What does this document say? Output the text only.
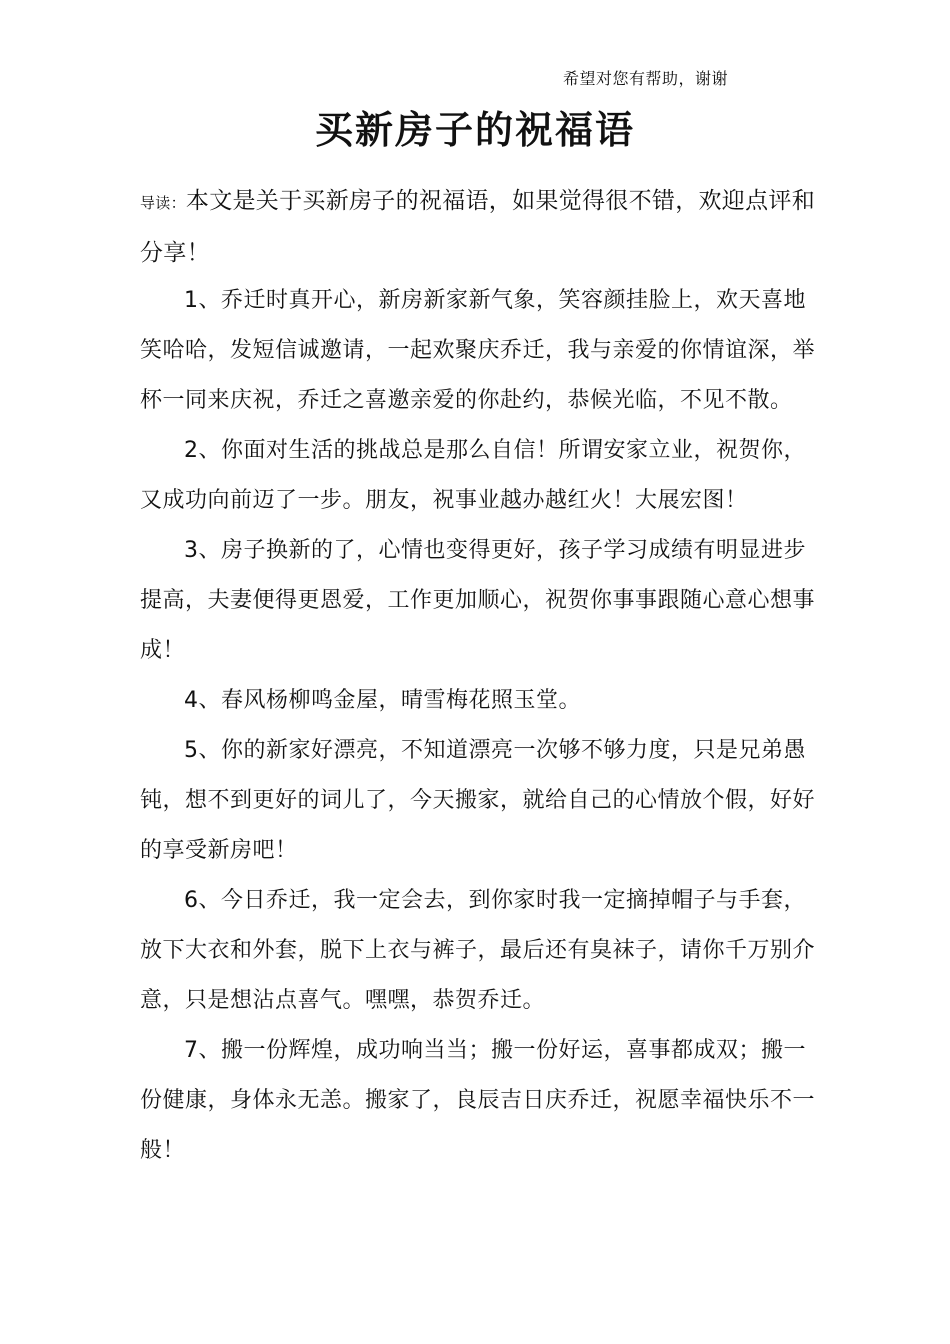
希望对您有帮助，谢谢
买新房子的祝福语
导读：本文是关于买新房子的祝福语，如果觉得很不错，欢迎点评和分享！

1、乔迁时真开心，新房新家新气象，笑容颜挂脸上，欢天喜地笑哈哈，发短信诚邀请，一起欢聚庆乔迁，我与亲爱的你情谊深，举杯一同来庆祝，乔迁之喜邀亲爱的你赴约，恭候光临，不见不散。

2、你面对生活的挑战总是那么自信！所谓安家立业，祝贺你，又成功向前迈了一步。朋友，祝事业越办越红火！大展宏图！

3、房子换新的了，心情也变得更好，孩子学习成绩有明显进步提高，夫妻便得更恩爱，工作更加顺心，祝贺你事事跟随心意心想事成！

4、春风杨柳鸣金屋，晴雪梅花照玉堂。

5、你的新家好漂亮，不知道漂亮一次够不够力度，只是兄弟愚钝，想不到更好的词儿了，今天搬家，就给自己的心情放个假，好好的享受新房吧！

6、今日乔迁，我一定会去，到你家时我一定摘掉帽子与手套，放下大衣和外套，脱下上衣与裤子，最后还有臭袜子，请你千万别介意，只是想沾点喜气。嘿嘿，恭贺乔迁。

7、搬一份辉煌，成功响当当；搬一份好运，喜事都成双；搬一份健康，身体永无恙。搬家了，良辰吉日庆乔迁，祝愿幸福快乐不一般！
